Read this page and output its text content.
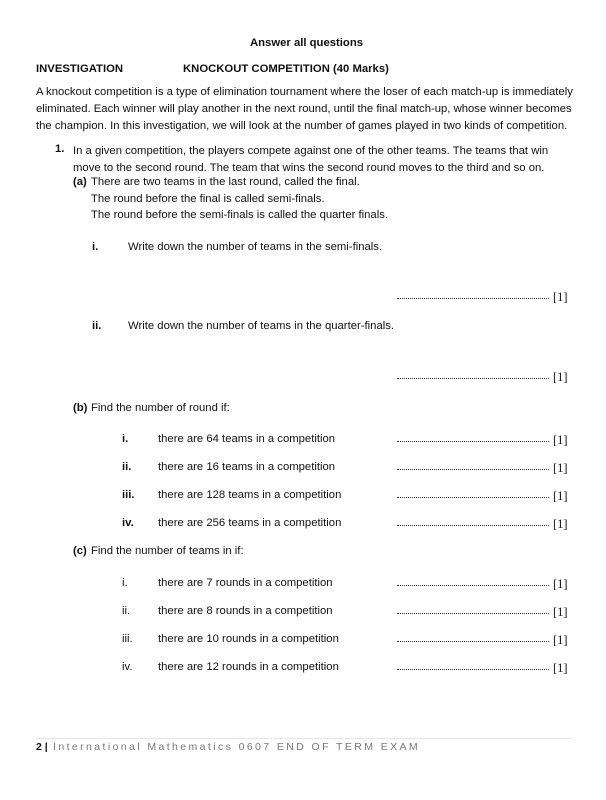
Answer all questions
INVESTIGATION	KNOCKOUT COMPETITION (40 Marks)
A knockout competition is a type of elimination tournament where the loser of each match-up is immediately eliminated. Each winner will play another in the next round, until the final match-up, whose winner becomes the champion. In this investigation, we will look at the number of games played in two kinds of competition.
1. In a given competition, the players compete against one of the other teams. The teams that win move to the second round. The team that wins the second round moves to the third and so on.
(a) There are two teams in the last round, called the final.
The round before the final is called semi-finals.
The round before the semi-finals is called the quarter finals.
i.	Write down the number of teams in the semi-finals.
[1]
ii. Write down the number of teams in the quarter-finals.
[1]
(b) Find the number of round if:
i.	there are 64 teams in a competition	[1]
ii. there are 16 teams in a competition	[1]
iii. there are 128 teams in a competition	[1]
iv. there are 256 teams in a competition	[1]
(c) Find the number of teams in if:
i.	there are 7 rounds in a competition	[1]
ii. there are 8 rounds in a competition	[1]
iii. there are 10 rounds in a competition	[1]
iv. there are 12 rounds in a competition	[1]
2 | International Mathematics 0607 END OF TERM EXAM
